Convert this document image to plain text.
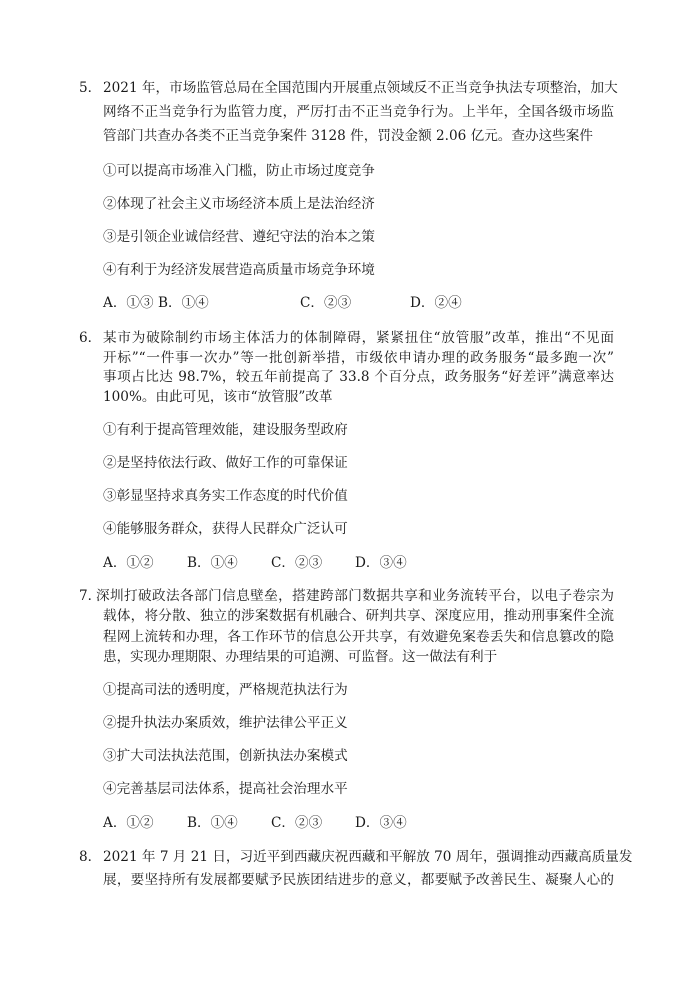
5． 2021 年，市场监管总局在全国范围内开展重点领域反不正当竞争执法专项整治，加大
网络不正当竞争行为监管力度，严厉打击不正当竞争行为。上半年，全国各级市场监
管部门共查办各类不正当竞争案件 3128 件，罚没金额 2.06 亿元。查办这些案件
①可以提高市场准入门槛，防止市场过度竞争
②体现了社会主义市场经济本质上是法治经济
③是引领企业诚信经营、遵纪守法的治本之策
④有利于为经济发展营造高质量市场竞争环境
A．①③ B．①④	C．②③	D．②④
6． 某市为破除制约市场主体活力的体制障碍，紧紧扭住“放管服”改革，推出“不见面
开标”“一件事一次办”等一批创新举措，市级依申请办理的政务服务“最多跑一次”
事项占比达 98.7%，较五年前提高了 33.8 个百分点，政务服务“好差评”满意率达
100%。由此可见，该市“放管服”改革
①有利于提高管理效能，建设服务型政府
②是坚持依法行政、做好工作的可靠保证
③彰显坚持求真务实工作态度的时代价值
④能够服务群众，获得人民群众广泛认可
A．①② B．①④ C．②③ D．③④
7．
深圳打破政法各部门信息壁垒，搭建跨部门数据共享和业务流转平台，以电子卷宗为
载体，将分散、独立的涉案数据有机融合、研判共享、深度应用，推动刑事案件全流
程网上流转和办理，各工作环节的信息公开共享，有效避免案卷丢失和信息篡改的隐
患，实现办理期限、办理结果的可追溯、可监督。这一做法有利于
①提高司法的透明度，严格规范执法行为
②提升执法办案质效，维护法律公平正义
③扩大司法执法范围，创新执法办案模式
④完善基层司法体系，提高社会治理水平
A．①② B．①④ C．②③ D．③④
8． 2021 年 7 月 21 日，习近平到西藏庆祝西藏和平解放 70 周年，强调推动西藏高质量发
展，要坚持所有发展都要赋予民族团结进步的意义，都要赋予改善民生、凝聚人心的
